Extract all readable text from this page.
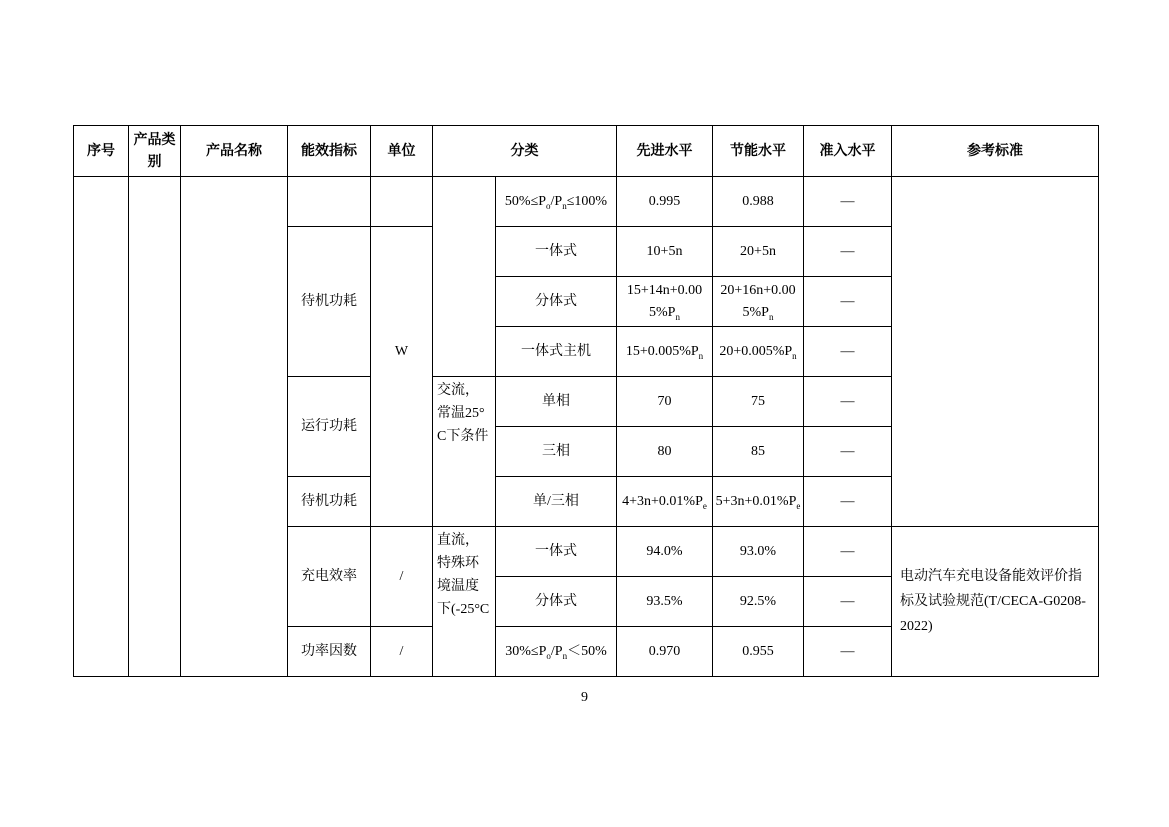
序号	产品类别	产品名称	能效指标	单位	分类		先进水平	节能水平	准入水平	参考标准
						$50\%\le P_o/P_n\le 100\%$	0.995	0.988	—	
			待机功耗	W		一体式	10+5n	20+5n	—	
						分体式	$15+14n+0.005\%P_n$	$20+16n+0.005\%P_n$	—	
						一体式主机	$15+0.005\%P_n$	$20+0.005\%P_n$	—	
			运行功耗		交流，常温25°C下条件	单相	70	75	—	
						三相	80	85	—	
			待机功耗			单/三相	$4+3n+0.01\%P_e$	$5+3n+0.01\%P_e$	—	
			充电效率	/	直流，特殊环境温度下(-25°C	一体式	94.0%	93.0%	—	电动汽车充电设备能效评价指标及试验规范(T/CECA-G0208-2022)
						分体式	93.5%	92.5%	—	
			功率因数	/		$30\%\le P_o/P_n<50\%$	0.970	0.955	—	
9
